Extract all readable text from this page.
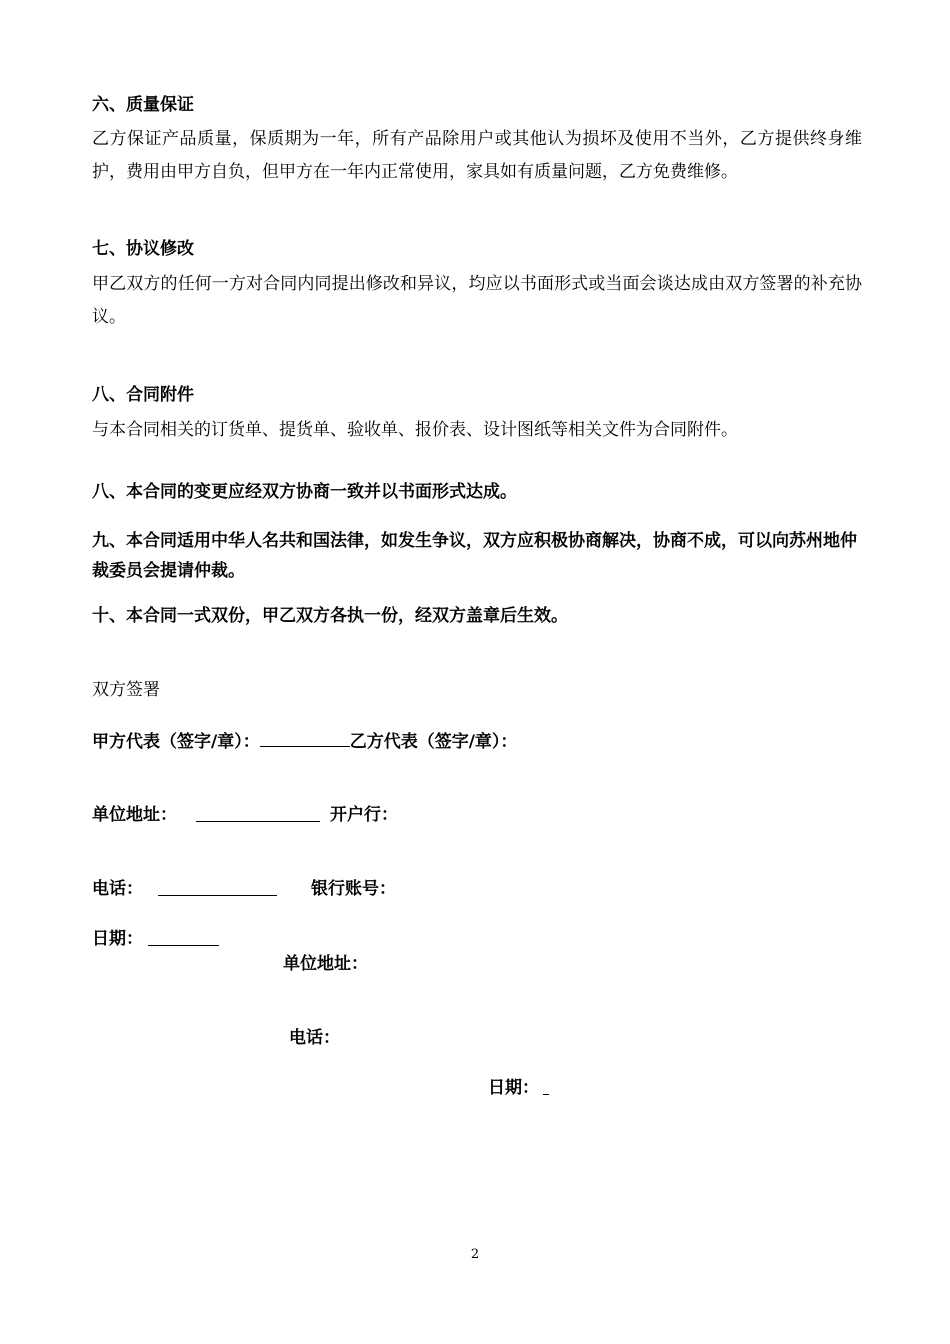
六、质量保证
乙方保证产品质量，保质期为一年，所有产品除用户或其他认为损坏及使用不当外，乙方提供终身维护，费用由甲方自负，但甲方在一年内正常使用，家具如有质量问题，乙方免费维修。
七、协议修改
甲乙双方的任何一方对合同内同提出修改和异议，均应以书面形式或当面会谈达成由双方签署的补充协议。
八、合同附件
与本合同相关的订货单、提货单、验收单、报价表、设计图纸等相关文件为合同附件。
八、本合同的变更应经双方协商一致并以书面形式达成。
九、本合同适用中华人名共和国法律，如发生争议，双方应积极协商解决，协商不成，可以向苏州地仲裁委员会提请仲裁。
十、本合同一式双份，甲乙双方各执一份，经双方盖章后生效。
双方签署
甲方代表（签字/章）：	乙方代表（签字/章）：
单位地址：	开户行：
电话：	银行账号：
日期：
单位地址：
电话：
日期：
2
